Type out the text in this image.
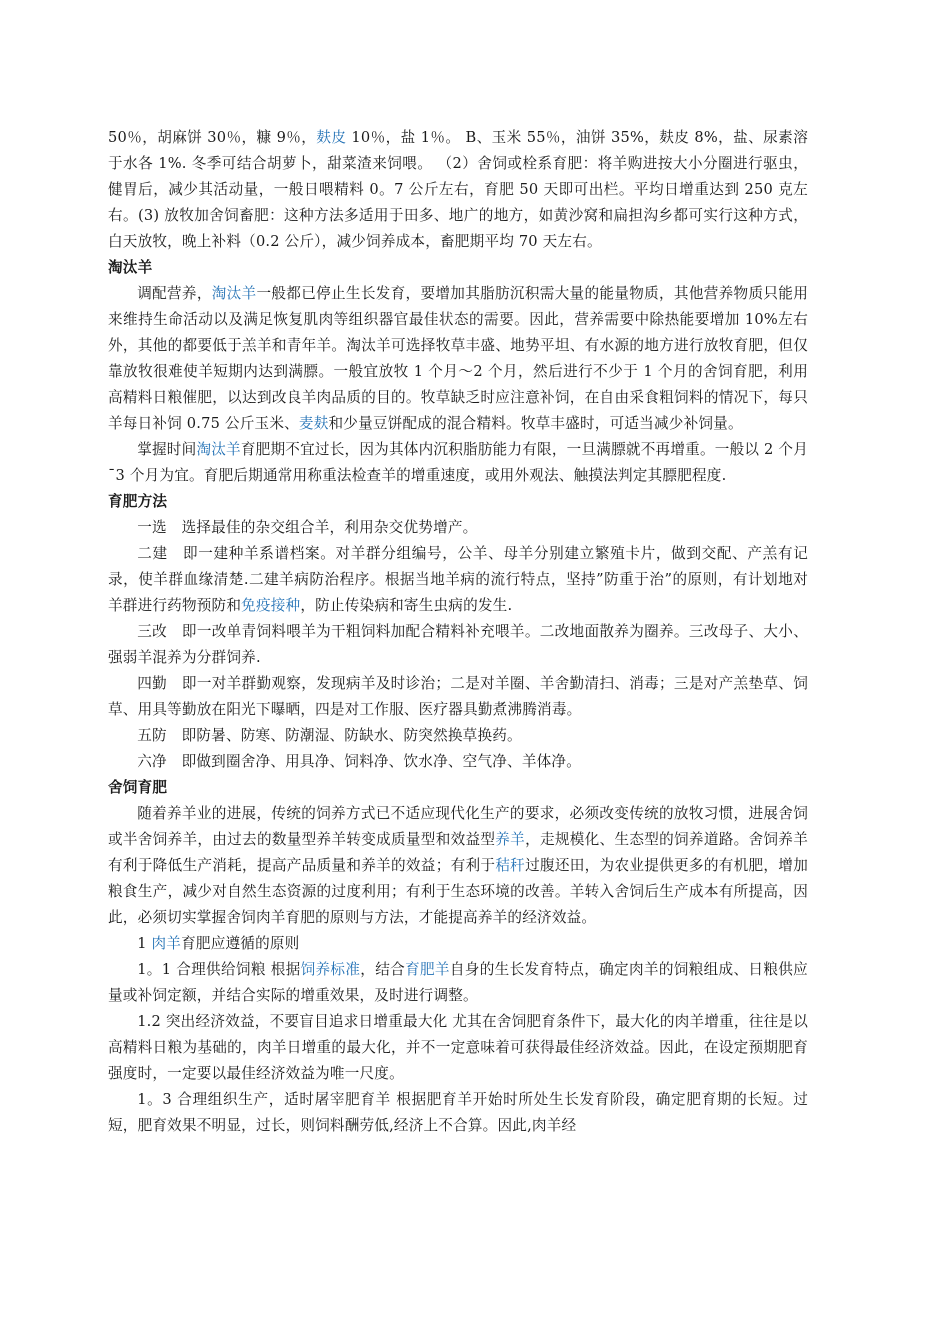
50％，胡麻饼 30％，糠 9％，麸皮 10％，盐 1％。 B、玉米 55％，油饼 35%，麸皮 8%，盐、尿素溶于水各 1%. 冬季可结合胡萝卜，甜菜渣来饲喂。 （2）舍饲或栓系育肥：将羊购进按大小分圈进行驱虫，健胃后，减少其活动量，一般日喂精料 0。7 公斤左右，育肥 50 天即可出栏。平均日增重达到 250 克左右。(3) 放牧加舍饲畜肥：这种方法多适用于田多、地广的地方，如黄沙窝和扁担沟乡都可实行这种方式，白天放牧，晚上补料（0.2 公斤），减少饲养成本，畜肥期平均 70 天左右。

淘汰羊

调配营养，淘汰羊一般都已停止生长发育，要增加其脂肪沉积需大量的能量物质，其他营养物质只能用来维持生命活动以及满足恢复肌肉等组织器官最佳状态的需要。因此，营养需要中除热能要增加 10%左右外，其他的都要低于羔羊和青年羊。淘汰羊可选择牧草丰盛、地势平坦、有水源的地方进行放牧育肥，但仅靠放牧很难使羊短期内达到满膘。一般宜放牧 1 个月～2 个月，然后进行不少于 1 个月的舍饲育肥，利用高精料日粮催肥，以达到改良羊肉品质的目的。牧草缺乏时应注意补饲，在自由采食粗饲料的情况下，每只羊每日补饲 0.75 公斤玉米、麦麸和少量豆饼配成的混合精料。牧草丰盛时，可适当减少补饲量。

掌握时间淘汰羊育肥期不宜过长，因为其体内沉积脂肪能力有限，一旦满膘就不再增重。一般以 2 个月¯3 个月为宜。育肥后期通常用称重法检查羊的增重速度，或用外观法、触摸法判定其膘肥程度.

育肥方法

一选　选择最佳的杂交组合羊，利用杂交优势增产。

二建　即一建种羊系谱档案。对羊群分组编号，公羊、母羊分别建立繁殖卡片，做到交配、产羔有记录，使羊群血缘清楚.二建羊病防治程序。根据当地羊病的流行特点，坚持”防重于治”的原则，有计划地对羊群进行药物预防和免疫接种，防止传染病和寄生虫病的发生.

三改　即一改单青饲料喂羊为干粗饲料加配合精料补充喂羊。二改地面散养为圈养。三改母子、大小、强弱羊混养为分群饲养.

四勤　即一对羊群勤观察，发现病羊及时诊治；二是对羊圈、羊舍勤清扫、消毒；三是对产羔垫草、饲草、用具等勤放在阳光下曝晒，四是对工作服、医疗器具勤煮沸腾消毒。

五防　即防暑、防寒、防潮湿、防缺水、防突然换草换药。

六净　即做到圈舍净、用具净、饲料净、饮水净、空气净、羊体净。

舍饲育肥

随着养羊业的进展，传统的饲养方式已不适应现代化生产的要求，必须改变传统的放牧习惯，进展舍饲或半舍饲养羊，由过去的数量型养羊转变成质量型和效益型养羊，走规模化、生态型的饲养道路。舍饲养羊有利于降低生产消耗，提高产品质量和养羊的效益；有利于秸秆过腹还田，为农业提供更多的有机肥，增加粮食生产，减少对自然生态资源的过度利用；有利于生态环境的改善。羊转入舍饲后生产成本有所提高，因此，必须切实掌握舍饲肉羊育肥的原则与方法，才能提高养羊的经济效益。

1 肉羊育肥应遵循的原则

1。1 合理供给饲粮 根据饲养标准，结合育肥羊自身的生长发育特点，确定肉羊的饲粮组成、日粮供应量或补饲定额，并结合实际的增重效果，及时进行调整。

1.2 突出经济效益，不要盲目追求日增重最大化 尤其在舍饲肥育条件下，最大化的肉羊增重，往往是以高精料日粮为基础的，肉羊日增重的最大化，并不一定意味着可获得最佳经济效益。因此，在设定预期肥育强度时，一定要以最佳经济效益为唯一尺度。

1。3 合理组织生产，适时屠宰肥育羊 根据肥育羊开始时所处生长发育阶段，确定肥育期的长短。过短，肥育效果不明显，过长，则饲料酬劳低,经济上不合算。因此,肉羊经
